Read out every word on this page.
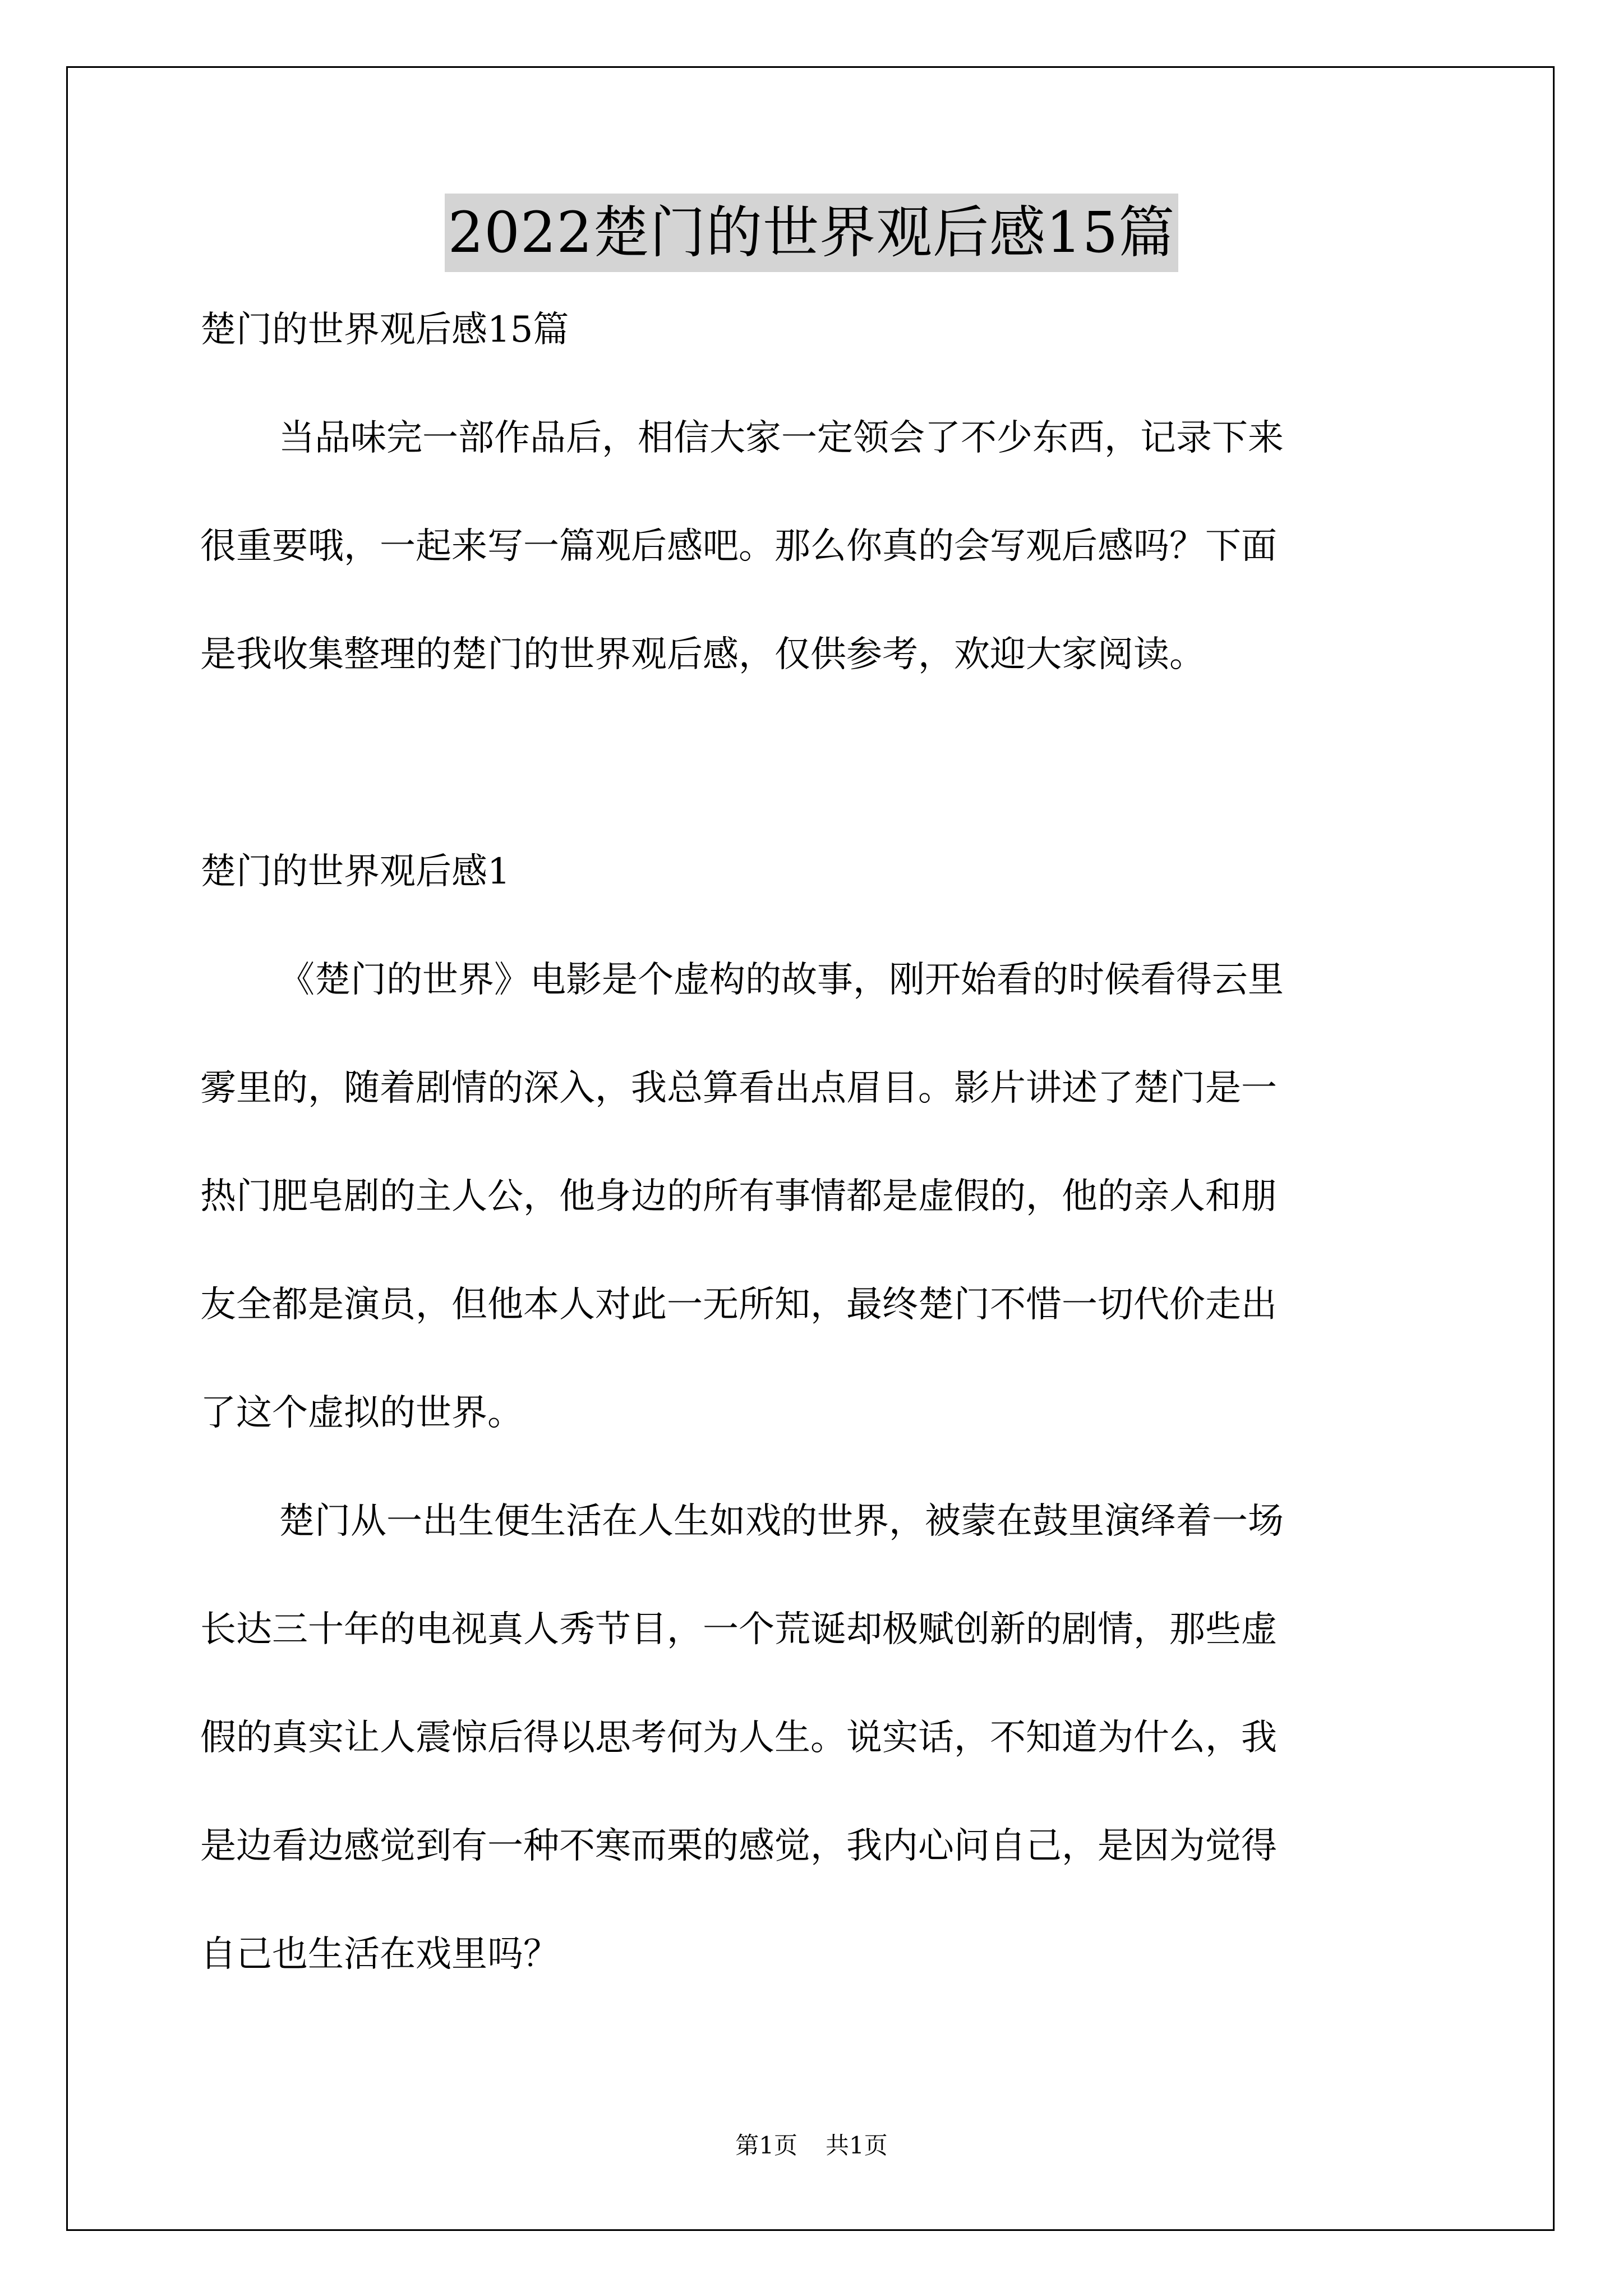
2022楚门的世界观后感15篇
楚门的世界观后感15篇
当品味完一部作品后，相信大家一定领会了不少东西，记录下来
很重要哦，一起来写一篇观后感吧。那么你真的会写观后感吗？下面
是我收集整理的楚门的世界观后感，仅供参考，欢迎大家阅读。
楚门的世界观后感1
《楚门的世界》电影是个虚构的故事，刚开始看的时候看得云里
雾里的，随着剧情的深入，我总算看出点眉目。影片讲述了楚门是一
热门肥皂剧的主人公，他身边的所有事情都是虚假的，他的亲人和朋
友全都是演员，但他本人对此一无所知，最终楚门不惜一切代价走出
了这个虚拟的世界。
楚门从一出生便生活在人生如戏的世界，被蒙在鼓里演绎着一场
长达三十年的电视真人秀节目，一个荒诞却极赋创新的剧情，那些虚
假的真实让人震惊后得以思考何为人生。说实话，不知道为什么，我
是边看边感觉到有一种不寒而栗的感觉，我内心问自己，是因为觉得
自己也生活在戏里吗？
第1页 共1页
